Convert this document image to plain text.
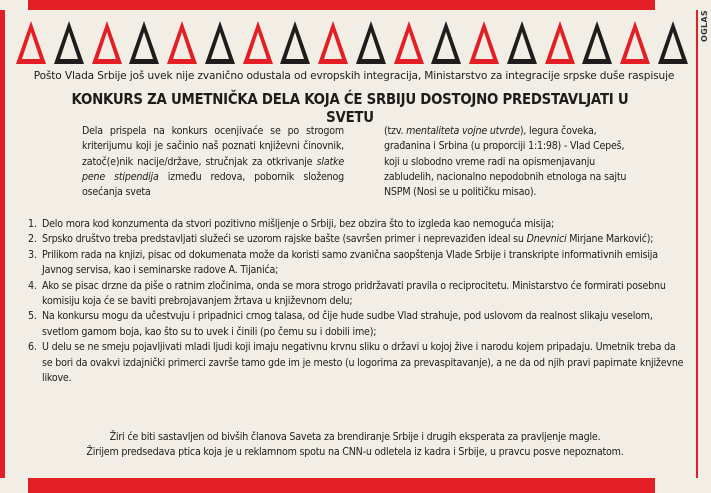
OGLAS
Pošto Vlada Srbije još uvek nije zvanično odustala od evropskih integracija, Ministarstvo za integracije srpske duše raspisuje
KONKURS ZA UMETNIČKA DELA KOJA ĆE SRBIJU DOSTOJNO PREDSTAVLJATI U SVETU
Dela prispela na konkurs ocenjivaće se po strogom kriterijumu koji je sačinio naš poznati književni činovnik, zatoč(e)nik nacije/države, stručnjak za otkrivanje slatke pene stipendija između redova, pobornik složenog osećanja sveta
(tzv. mentaliteta vojne utvrde), legura čoveka, građanina i Srbina (u proporciji 1:1:98) - Vlad Cepeš, koji u slobodno vreme radi na opismenjavanju zabludelih, nacionalno nepodobnih etnologa na sajtu NSPM (Nosi se u političku misao).
1. Delo mora kod konzumenta da stvori pozitivno mišljenje o Srbiji, bez obzira što to izgleda kao nemoguća misija;
2. Srpsko društvo treba predstavljati služeći se uzorom rajske bašte (savršen primer i neprevaziđen ideal su Dnevnici Mirjane Marković);
3. Prilikom rada na knjizi, pisac od dokumenata može da koristi samo zvanična saopštenja Vlade Srbije i transkripte informativnih emisija Javnog servisa, kao i seminarske radove A. Tijanića;
4. Ako se pisac drzne da piše o ratnim zločinima, onda se mora strogo pridržavati pravila o reciprocitetu. Ministarstvo će formirati posebnu komisiju koja će se baviti prebrojavanjem žrtava u književnom delu;
5. Na konkursu mogu da učestvuju i pripadnici crnog talasa, od čije hude sudbe Vlad strahuje, pod uslovom da realnost slikaju veselom, svetlom gamom boja, kao što su to uvek i činili (po čemu su i dobili ime);
6. U delu se ne smeju pojavljivati mladi ljudi koji imaju negativnu krvnu sliku o državi u kojoj žive i narodu kojem pripadaju. Umetnik treba da se bori da ovakvi izdajnički primerci završe tamo gde im je mesto (u logorima za prevaspitavanje), a ne da od njih pravi papirnate književne likove.
Žiri će biti sastavljen od bivših članova Saveta za brendiranje Srbije i drugih eksperata za pravljenje magle.
Žirijem predsedava ptica koja je u reklamnom spotu na CNN-u odletela iz kadra i Srbije, u pravcu posve nepoznatom.
